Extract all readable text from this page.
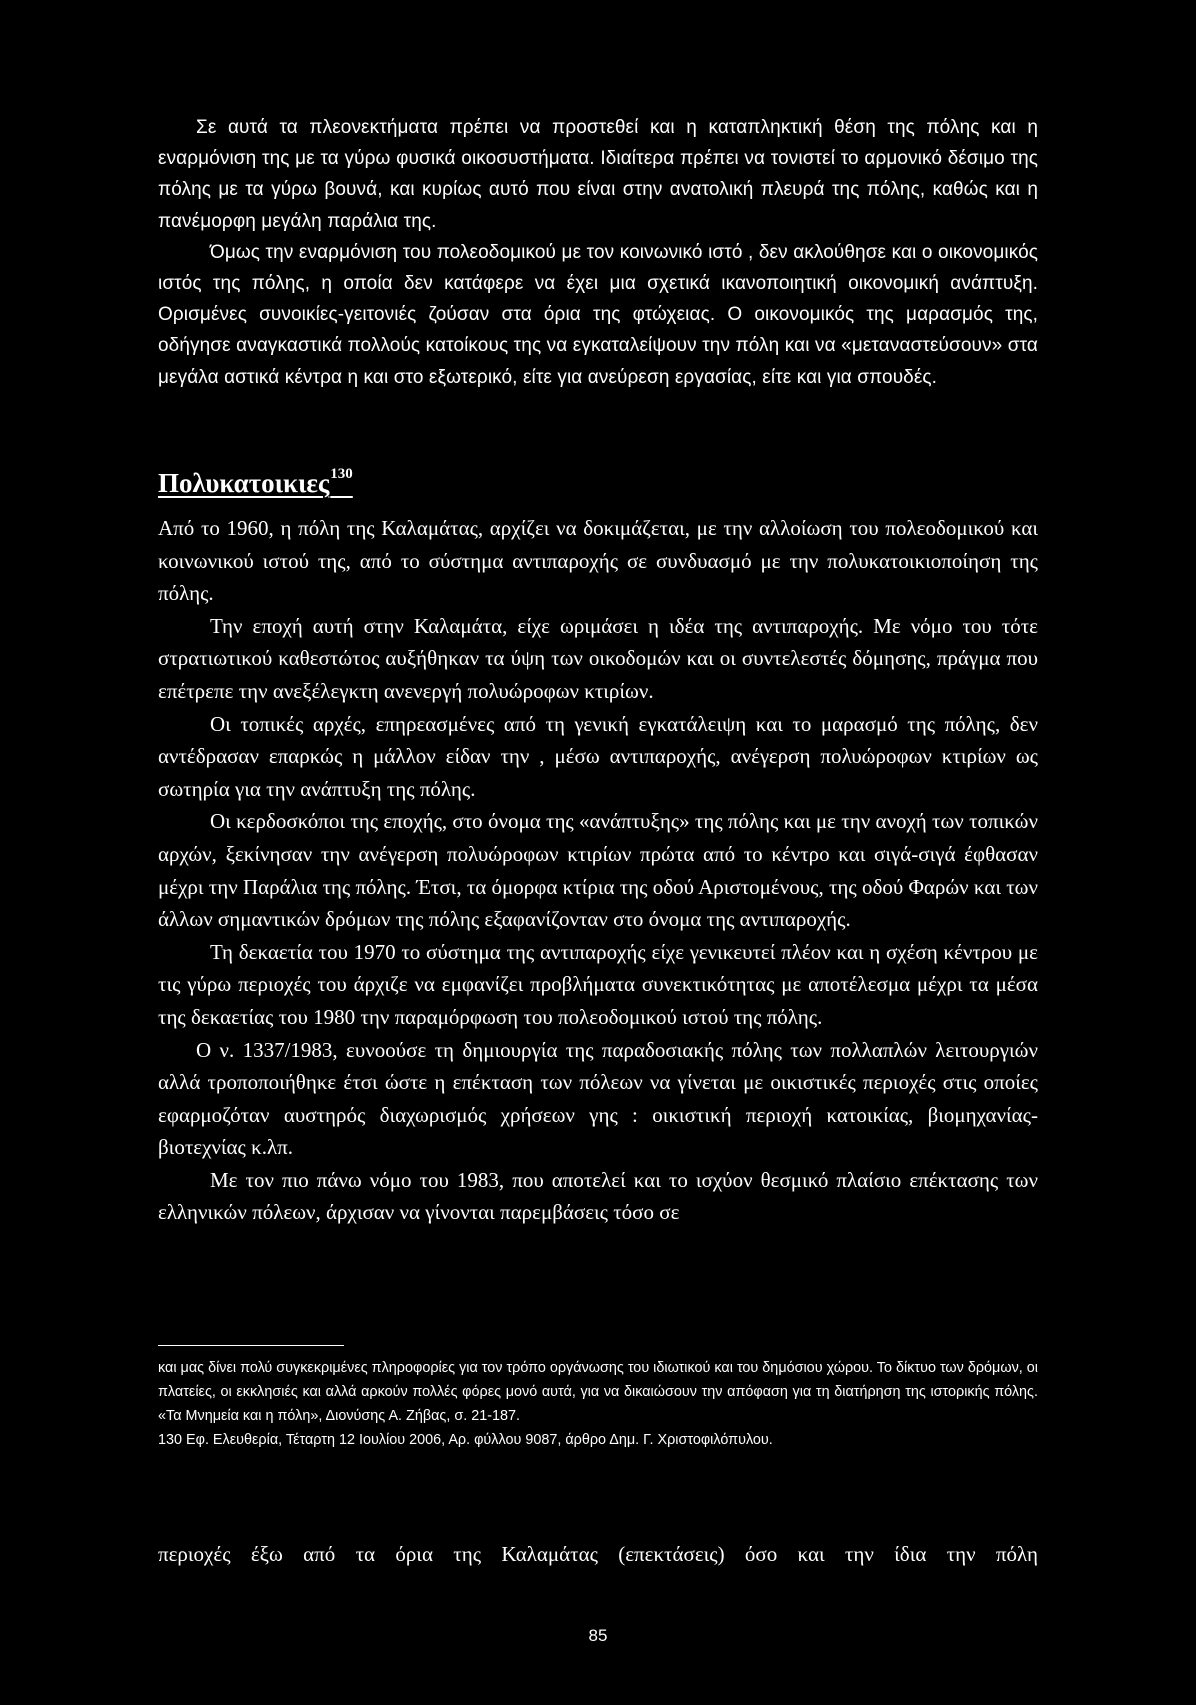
Σε αυτά τα πλεονεκτήματα πρέπει να προστεθεί και η καταπληκτική θέση της πόλης και η εναρμόνιση της με τα γύρω φυσικά οικοσυστήματα. Ιδιαίτερα πρέπει να τονιστεί το αρμονικό δέσιμο της πόλης με τα γύρω βουνά, και κυρίως αυτό που είναι στην ανατολική πλευρά της πόλης, καθώς και η πανέμορφη μεγάλη παράλια της.

Όμως την εναρμόνιση του πολεοδομικού με τον κοινωνικό ιστό , δεν ακλούθησε και ο οικονομικός ιστός της πόλης, η οποία δεν κατάφερε να έχει μια σχετικά ικανοποιητική οικονομική ανάπτυξη. Ορισμένες συνοικίες-γειτονιές ζούσαν στα όρια της φτώχειας. Ο οικονομικός της μαρασμός της, οδήγησε αναγκαστικά πολλούς κατοίκους της να εγκαταλείψουν την πόλη και να «μεταναστεύσουν» στα μεγάλα αστικά κέντρα η και στο εξωτερικό, είτε για ανεύρεση εργασίας, είτε και για σπουδές.

Πολυκατοικιες$^{130}$

Από το 1960, η πόλη της Καλαμάτας, αρχίζει να δοκιμάζεται, με την αλλοίωση του πολεοδομικού και κοινωνικού ιστού της, από το σύστημα αντιπαροχής σε συνδυασμό με την πολυκατοικιοποίηση της πόλης.

Την εποχή αυτή στην Καλαμάτα, είχε ωριμάσει η ιδέα της αντιπαροχής. Με νόμο του τότε στρατιωτικού καθεστώτος αυξήθηκαν τα ύψη των οικοδομών και οι συντελεστές δόμησης, πράγμα που επέτρεπε την ανεξέλεγκτη ανενεργή πολυώροφων κτιρίων.

Οι τοπικές αρχές, επηρεασμένες από τη γενική εγκατάλειψη και το μαρασμό της πόλης, δεν αντέδρασαν επαρκώς η μάλλον είδαν την , μέσω αντιπαροχής, ανέγερση πολυώροφων κτιρίων ως σωτηρία για την ανάπτυξη της πόλης.

Οι κερδοσκόποι της εποχής, στο όνομα της «ανάπτυξης» της πόλης και με την ανοχή των τοπικών αρχών, ξεκίνησαν την ανέγερση πολυώροφων κτιρίων πρώτα από το κέντρο και σιγά-σιγά έφθασαν μέχρι την Παράλια της πόλης. Έτσι, τα όμορφα κτίρια της οδού Αριστομένους, της οδού Φαρών και των άλλων σημαντικών δρόμων της πόλης εξαφανίζονταν στο όνομα της αντιπαροχής.

Τη δεκαετία του 1970 το σύστημα της αντιπαροχής είχε γενικευτεί πλέον και η σχέση κέντρου με τις γύρω περιοχές του άρχιζε να εμφανίζει προβλήματα συνεκτικότητας με αποτέλεσμα μέχρι τα μέσα της δεκαετίας του 1980 την παραμόρφωση του πολεοδομικού ιστού της πόλης.

Ο ν. 1337/1983, ευνοούσε τη δημιουργία της παραδοσιακής πόλης των πολλαπλών λειτουργιών αλλά τροποποιήθηκε έτσι ώστε η επέκταση των πόλεων να γίνεται με οικιστικές περιοχές στις οποίες εφαρμοζόταν αυστηρός διαχωρισμός χρήσεων γης : οικιστική περιοχή κατοικίας, βιομηχανίας-βιοτεχνίας κ.λπ.

Με τον πιο πάνω νόμο του 1983, που αποτελεί και το ισχύον θεσμικό πλαίσιο επέκτασης των ελληνικών πόλεων, άρχισαν να γίνονται παρεμβάσεις τόσο σε

και μας δίνει πολύ συγκεκριμένες πληροφορίες για τον τρόπο οργάνωσης του ιδιωτικού και του δημόσιου χώρου. Το δίκτυο των δρόμων, οι πλατείες, οι εκκλησιές και αλλά αρκούν πολλές φόρες μονό αυτά, για να δικαιώσουν την απόφαση για τη διατήρηση της ιστορικής πόλης. «Τα Μνημεία και η πόλη», Διονύσης Α. Ζήβας, σ. 21-187.

130 Εφ. Ελευθερία, Τέταρτη 12 Ιουλίου 2006, Αρ. φύλλου 9087, άρθρο Δημ. Γ. Χριστοφιλόπυλου.

περιοχές έξω από τα όρια της Καλαμάτας (επεκτάσεις) όσο και την ίδια την πόλη
85
